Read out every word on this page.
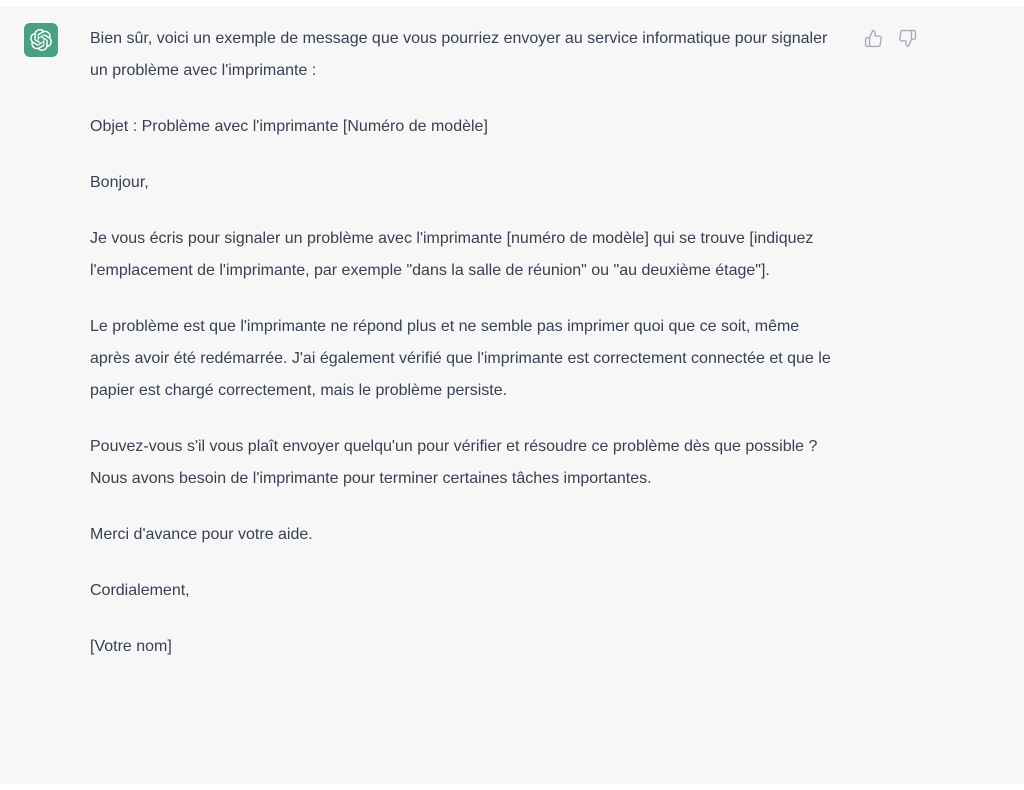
Bien sûr, voici un exemple de message que vous pourriez envoyer au service informatique pour signaler un problème avec l'imprimante :

Objet : Problème avec l'imprimante [Numéro de modèle]

Bonjour,

Je vous écris pour signaler un problème avec l'imprimante [numéro de modèle] qui se trouve [indiquez l'emplacement de l'imprimante, par exemple "dans la salle de réunion" ou "au deuxième étage"].

Le problème est que l'imprimante ne répond plus et ne semble pas imprimer quoi que ce soit, même après avoir été redémarrée. J'ai également vérifié que l'imprimante est correctement connectée et que le papier est chargé correctement, mais le problème persiste.

Pouvez-vous s'il vous plaît envoyer quelqu'un pour vérifier et résoudre ce problème dès que possible ? Nous avons besoin de l'imprimante pour terminer certaines tâches importantes.

Merci d'avance pour votre aide.

Cordialement,

[Votre nom]
